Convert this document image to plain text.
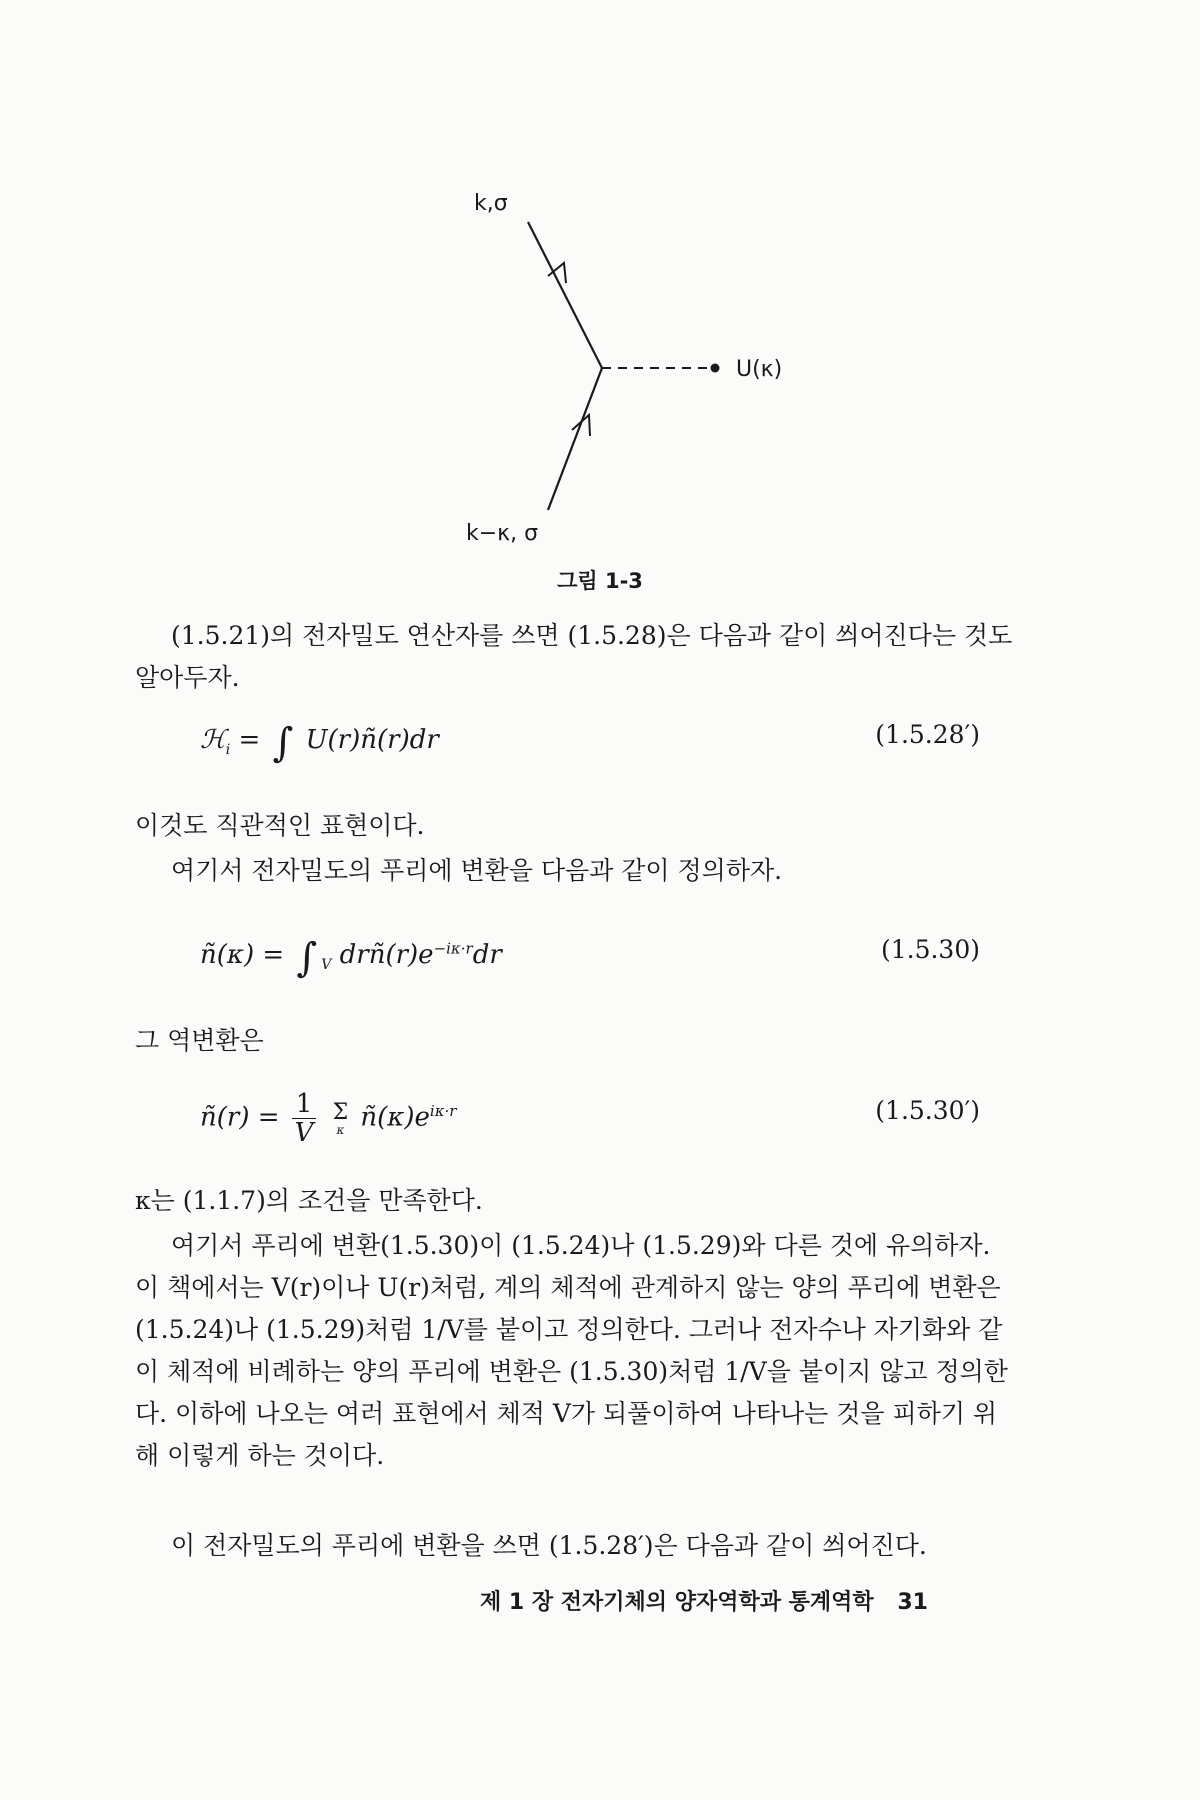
k,σ
U(κ)
k−κ, σ
그림 1-3
(1.5.21)의 전자밀도 연산자를 쓰면 (1.5.28)은 다음과 같이 씌어진다는 것도 알아두자.
ℋ$_i$ = ∫ U(r)ñ(r)dr	(1.5.28′)
이것도 직관적인 표현이다.
여기서 전자밀도의 푸리에 변환을 다음과 같이 정의하자.
ñ(κ) = ∫ $_V$ $drñ(r)e^{-i\kappa\cdot r}dr$	(1.5.30)
그 역변환은
ñ(r) = $\frac{1}{V}$
Σ
κ $ñ(\kappa)e^{i\kappa\cdot r}$	(1.5.30′)
κ는 (1.1.7)의 조건을 만족한다.
여기서 푸리에 변환(1.5.30)이 (1.5.24)나 (1.5.29)와 다른 것에 유의하자. 이 책에서는 V(r)이나 U(r)처럼, 계의 체적에 관계하지 않는 양의 푸리에 변환은 (1.5.24)나 (1.5.29)처럼 1/V를 붙이고 정의한다. 그러나 전자수나 자기화와 같이 체적에 비례하는 양의 푸리에 변환은 (1.5.30)처럼 1/V을 붙이지 않고 정의한다. 이하에 나오는 여러 표현에서 체적 V가 되풀이하여 나타나는 것을 피하기 위해 이렇게 하는 것이다.
이 전자밀도의 푸리에 변환을 쓰면 (1.5.28′)은 다음과 같이 씌어진다.
제 1 장 전자기체의 양자역학과 통계역학 31
